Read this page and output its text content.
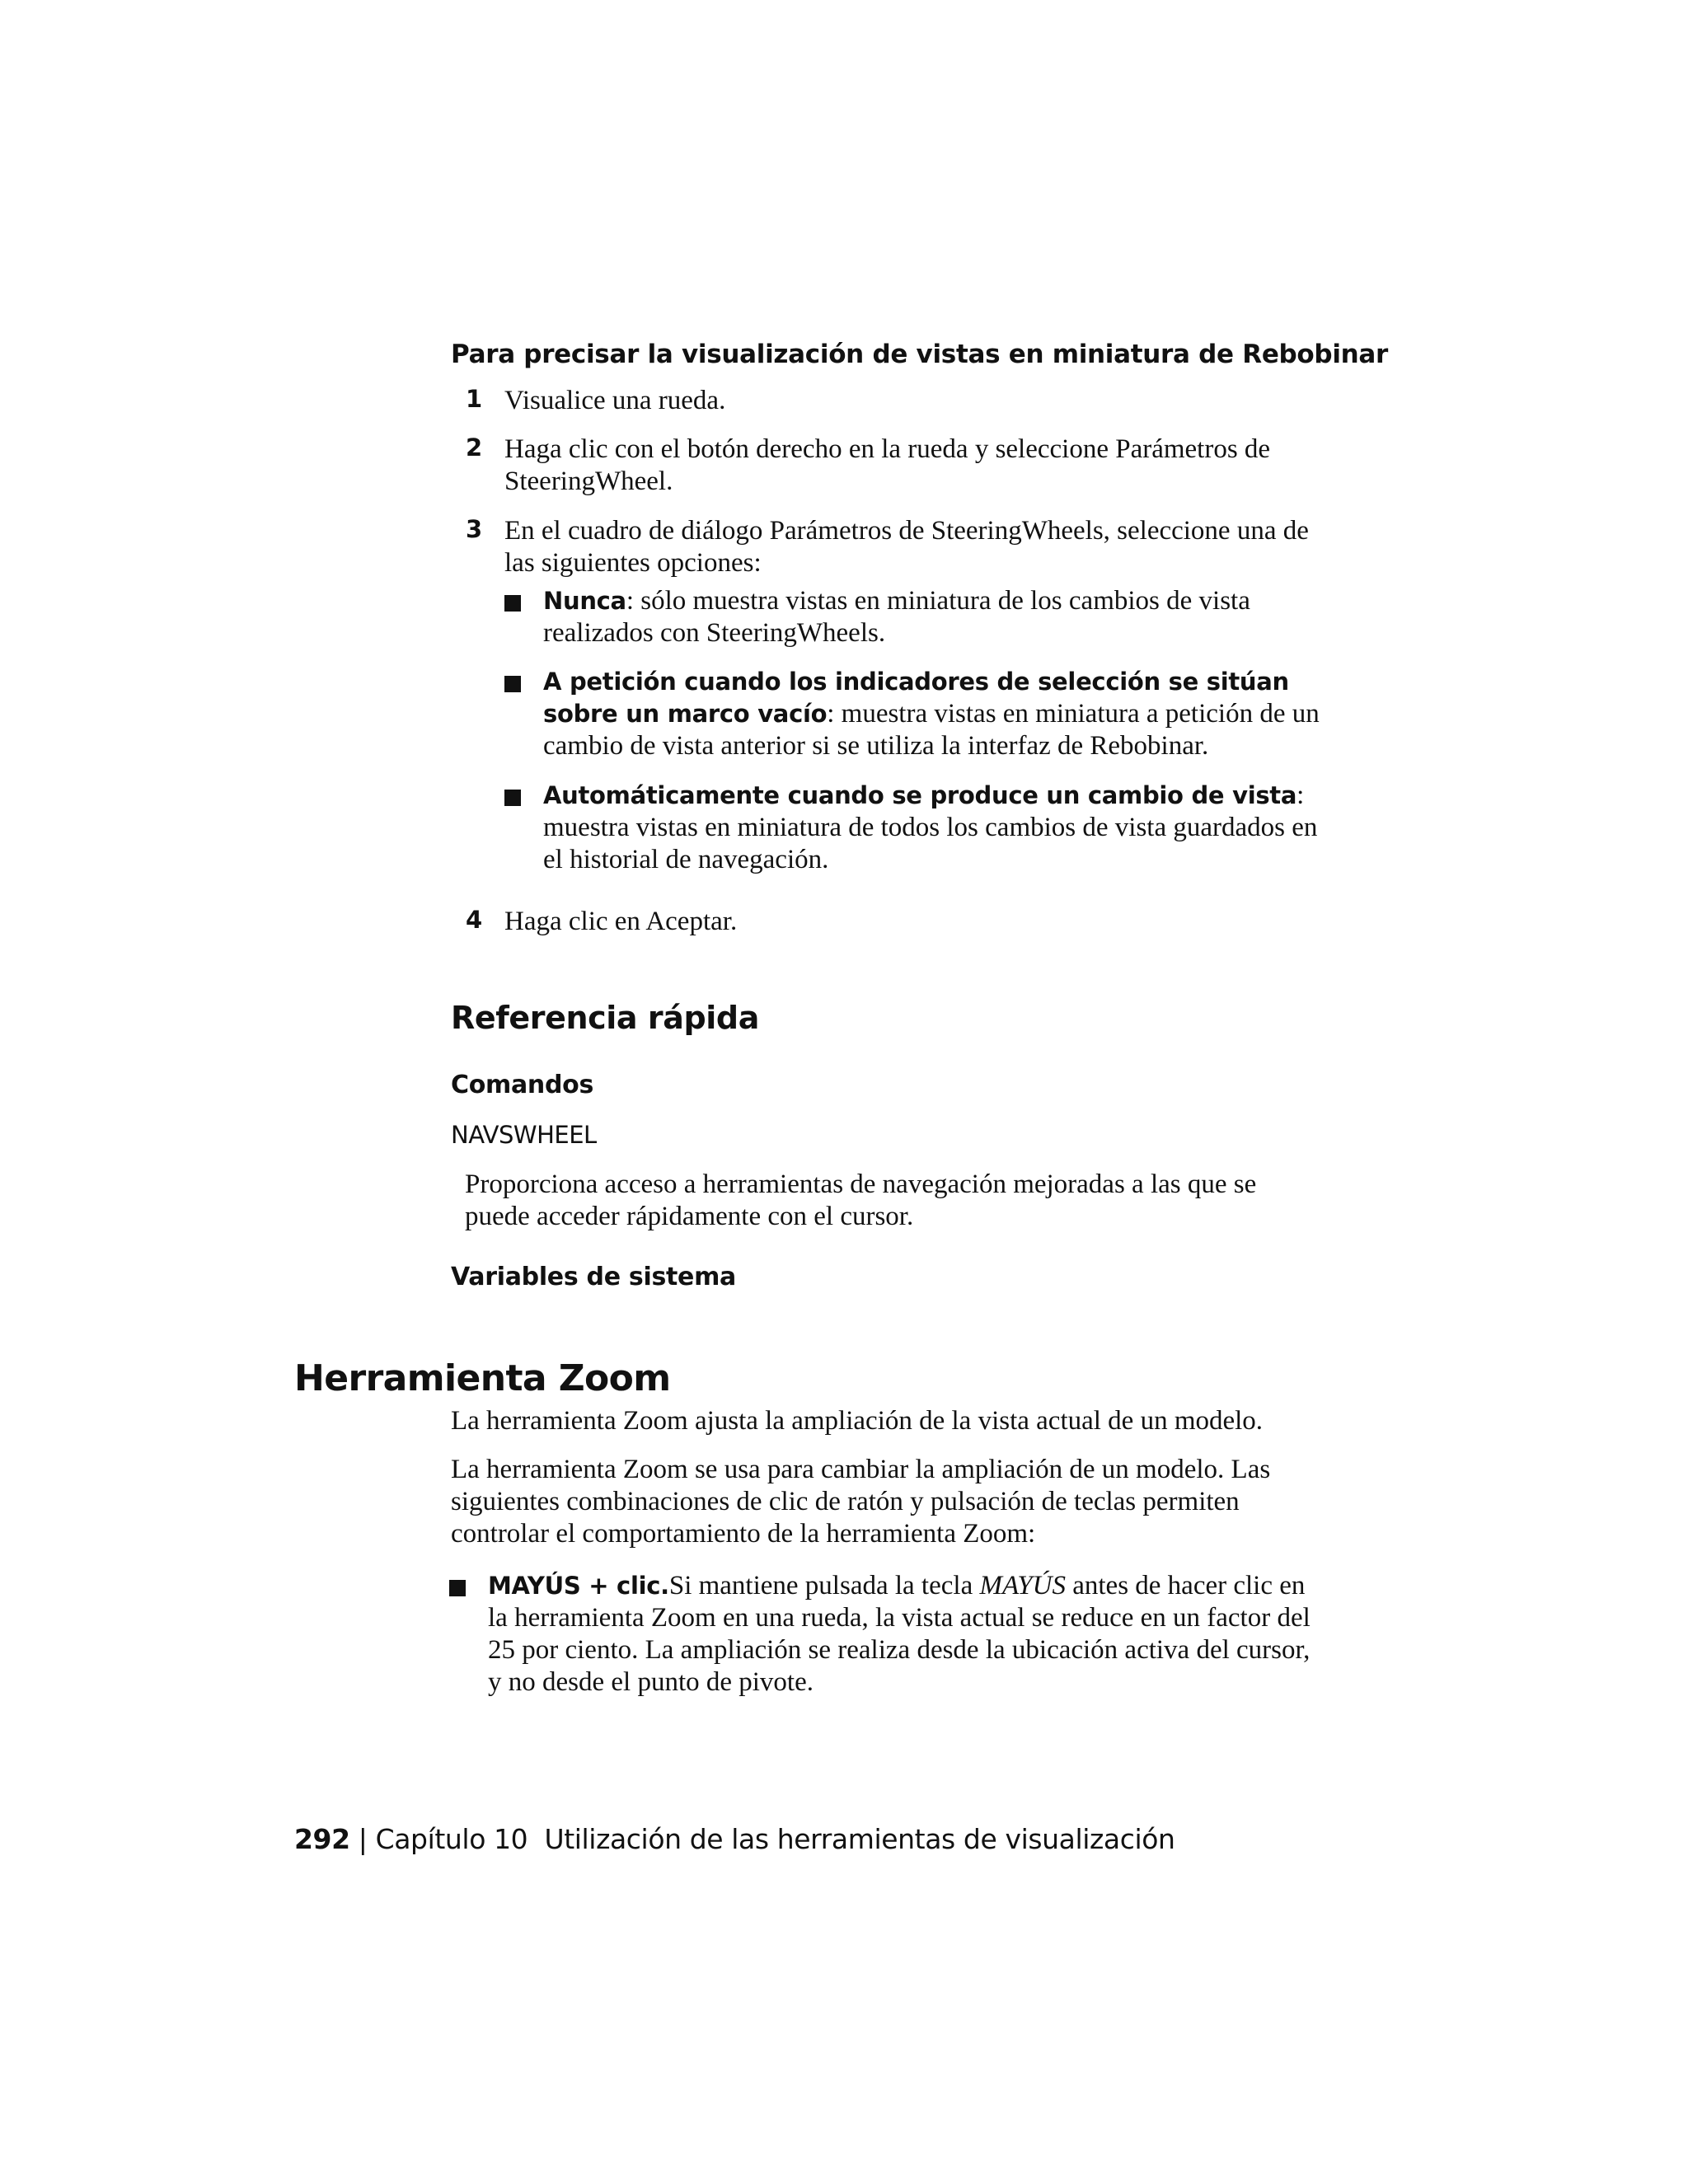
Para precisar la visualización de vistas en miniatura de Rebobinar
1 Visualice una rueda.
2 Haga clic con el botón derecho en la rueda y seleccione Parámetros de SteeringWheel.
3 En el cuadro de diálogo Parámetros de SteeringWheels, seleccione una de las siguientes opciones:
Nunca: sólo muestra vistas en miniatura de los cambios de vista realizados con SteeringWheels.
A petición cuando los indicadores de selección se sitúan sobre un marco vacío: muestra vistas en miniatura a petición de un cambio de vista anterior si se utiliza la interfaz de Rebobinar.
Automáticamente cuando se produce un cambio de vista: muestra vistas en miniatura de todos los cambios de vista guardados en el historial de navegación.
4 Haga clic en Aceptar.
Referencia rápida
Comandos
NAVSWHEEL
Proporciona acceso a herramientas de navegación mejoradas a las que se puede acceder rápidamente con el cursor.
Variables de sistema
Herramienta Zoom

La herramienta Zoom ajusta la ampliación de la vista actual de un modelo.

La herramienta Zoom se usa para cambiar la ampliación de un modelo. Las siguientes combinaciones de clic de ratón y pulsación de teclas permiten controlar el comportamiento de la herramienta Zoom:

MAYÚS + clic.Si mantiene pulsada la tecla MAYÚS antes de hacer clic en la herramienta Zoom en una rueda, la vista actual se reduce en un factor del 25 por ciento. La ampliación se realiza desde la ubicación activa del cursor, y no desde el punto de pivote.
292 | Capítulo 10 Utilización de las herramientas de visualización
